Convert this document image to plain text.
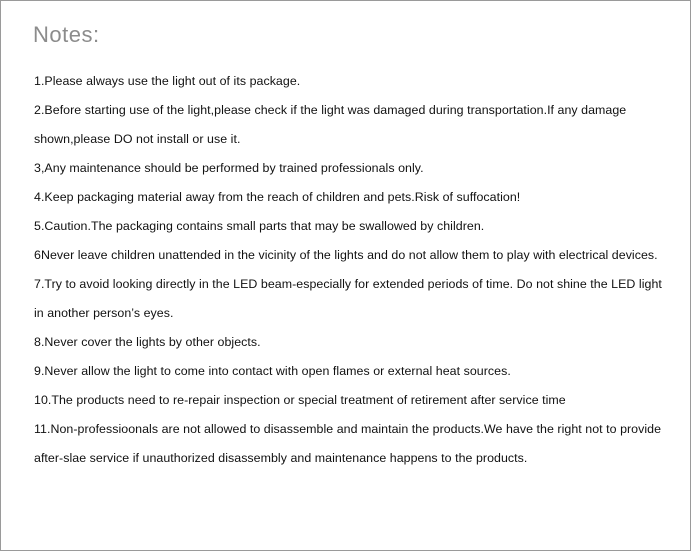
Notes:

1.Please always use the light out of its package.

2.Before starting use of the light,please check if the light was damaged during transportation.If any damage shown,please DO not install or use it.

3,Any maintenance should be performed by trained professionals only.

4.Keep packaging material away from the reach of children and pets.Risk of suffocation!

5.Caution.The packaging contains small parts that may be swallowed by children.

6Never leave children unattended in the vicinity of the lights and do not allow them to play with electrical devices.

7.Try to avoid looking directly in the LED beam-especially for extended periods of time. Do not shine the LED light in another person’s eyes.

8.Never cover the lights by other objects.

9.Never allow the light to come into contact with open flames or external heat sources.

10.The products need to re-repair inspection or special treatment of retirement after service time

11.Non-professioonals are not allowed to disassemble and maintain the products.We have the right not to provide after-slae service if unauthorized disassembly and maintenance happens to the products.
